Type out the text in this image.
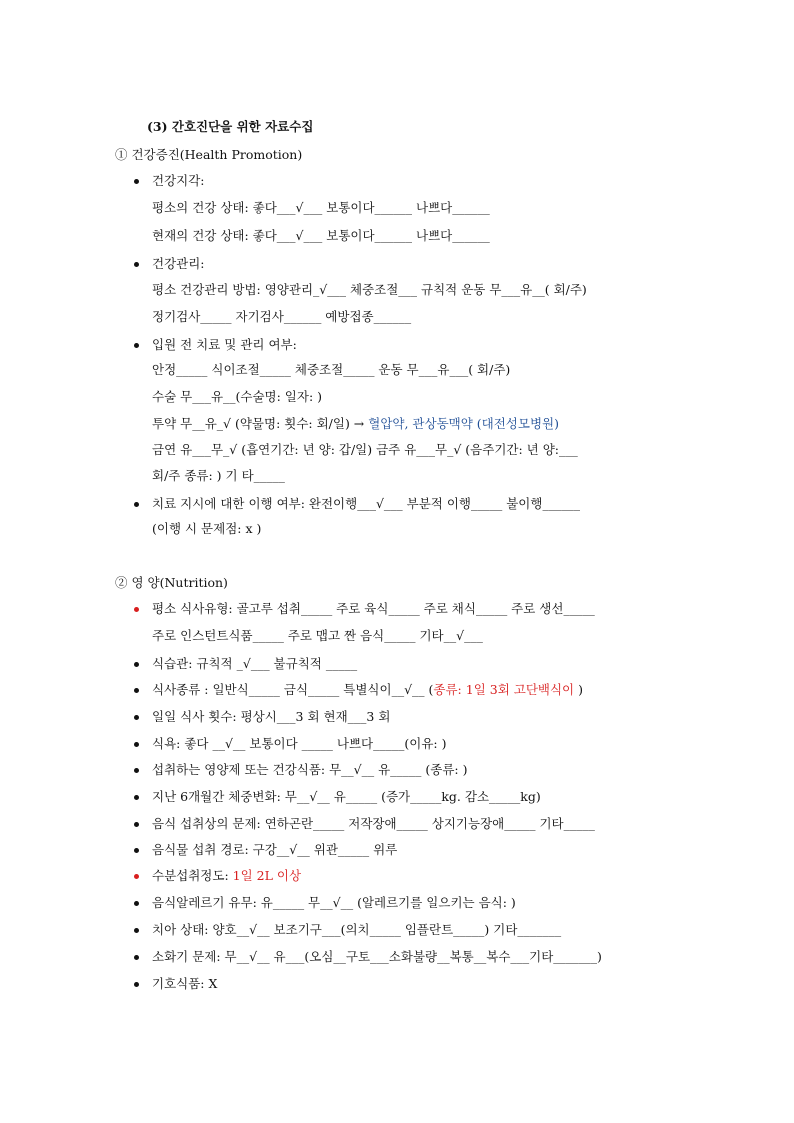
(3) 간호진단을 위한 자료수집
① 건강증진(Health Promotion)
건강지각:
평소의 건강 상태: 좋다___√___ 보통이다______ 나쁘다______
현재의 건강 상태: 좋다___√___ 보통이다______ 나쁘다______
건강관리:
평소 건강관리 방법: 영양관리_√___ 체중조절___ 규칙적 운동 무___유__( 회/주)
정기검사_____ 자기검사______ 예방접종______
입원 전 치료 및 관리 여부:
안정_____ 식이조절_____ 체중조절_____ 운동 무___유___( 회/주)
수술 무___유__(수술명: 일자: )
투약 무__유_√ (약물명: 횟수: 회/일) → 혈압약, 관상동맥약 (대전성모병원)
금연 유___무_√ (흡연기간: 년 양: 갑/일) 금주 유___무_√ (음주기간: 년 양:___
회/주 종류: ) 기 타_____
치료 지시에 대한 이행 여부: 완전이행___√___ 부분적 이행_____ 불이행______
(이행 시 문제점: x )
② 영 양(Nutrition)
평소 식사유형: 골고루 섭취_____ 주로 육식_____ 주로 채식_____ 주로 생선_____
주로 인스턴트식품_____ 주로 맵고 짠 음식_____ 기타__√___
식습관: 규칙적 _√___ 불규칙적 _____
식사종류 : 일반식_____ 금식_____ 특별식이__√__ (종류: 1일 3회 고단백식이 )
일일 식사 횟수: 평상시___3 회 현재___3 회
식욕: 좋다 __√__ 보통이다 _____ 나쁘다_____(이유: )
섭취하는 영양제 또는 건강식품: 무__√__ 유_____ (종류: )
지난 6개월간 체중변화: 무__√__ 유_____ (증가_____kg. 감소_____kg)
음식 섭취상의 문제: 연하곤란_____ 저작장애_____ 상지기능장애_____ 기타_____
음식물 섭취 경로: 구강__√__ 위관_____ 위루
수분섭취정도: 1일 2L 이상
음식알레르기 유무: 유_____ 무__√__ (알레르기를 일으키는 음식: )
치아 상태: 양호__√__ 보조기구___(의치_____ 임플란트_____) 기타_______
소화기 문제: 무__√__ 유___(오심__구토___소화불량__복통__복수___기타_______)
기호식품: X
